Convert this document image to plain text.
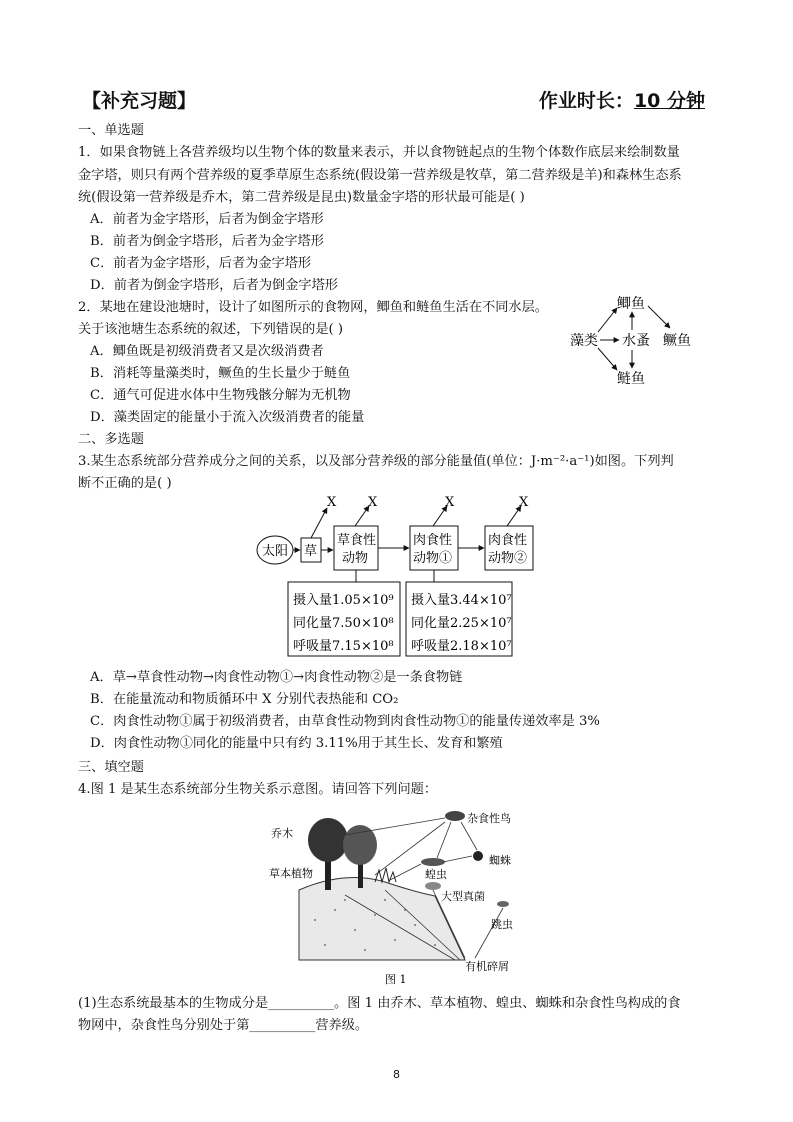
【补充习题】	作业时长：10 分钟
一、单选题
1．如果食物链上各营养级均以生物个体的数量来表示，并以食物链起点的生物个体数作底层来绘制数量
金字塔，则只有两个营养级的夏季草原生态系统(假设第一营养级是牧草，第二营养级是羊)和森林生态系
统(假设第一营养级是乔木，第二营养级是昆虫)数量金字塔的形状最可能是( )
A．前者为金字塔形，后者为倒金字塔形
B．前者为倒金字塔形，后者为金字塔形
C．前者为金字塔形，后者为金字塔形
D．前者为倒金字塔形，后者为倒金字塔形
2．某地在建设池塘时，设计了如图所示的食物网，鲫鱼和鲢鱼生活在不同水层。
关于该池塘生态系统的叙述，下列错误的是( )
A．鲫鱼既是初级消费者又是次级消费者
B．消耗等量藻类时，鳜鱼的生长量少于鲢鱼
C．通气可促进水体中生物残骸分解为无机物
D．藻类固定的能量小于流入次级消费者的能量
藻类 水蚤
鲫鱼
鲢鱼
鳜鱼
二、多选题
3.某生态系统部分营养成分之间的关系，以及部分营养级的部分能量值(单位：J·m⁻²·a⁻¹)如图。下列判
断不正确的是( )
太阳 草
X
草食性
动物
X
肉食性
动物①
X
肉食性
动物②
X
摄入量1.05×10⁹
同化量7.50×10⁸
呼吸量7.15×10⁸
摄入量3.44×10⁷
同化量2.25×10⁷
呼吸量2.18×10⁷
A．草→草食性动物→肉食性动物①→肉食性动物②是一条食物链
B．在能量流动和物质循环中 X 分别代表热能和 CO₂
C．肉食性动物①属于初级消费者，由草食性动物到肉食性动物①的能量传递效率是 3%
D．肉食性动物①同化的能量中只有约 3.11%用于其生长、发育和繁殖
三、填空题
4.图 1 是某生态系统部分生物关系示意图。请回答下列问题：
乔木
草本植物
杂食性鸟
蜘蛛
蝗虫
大型真菌
跳虫
有机碎屑
图 1
(1)生态系统最基本的生物成分是__________。图 1 由乔木、草本植物、蝗虫、蜘蛛和杂食性鸟构成的食
物网中，杂食性鸟分别处于第__________营养级。
8
